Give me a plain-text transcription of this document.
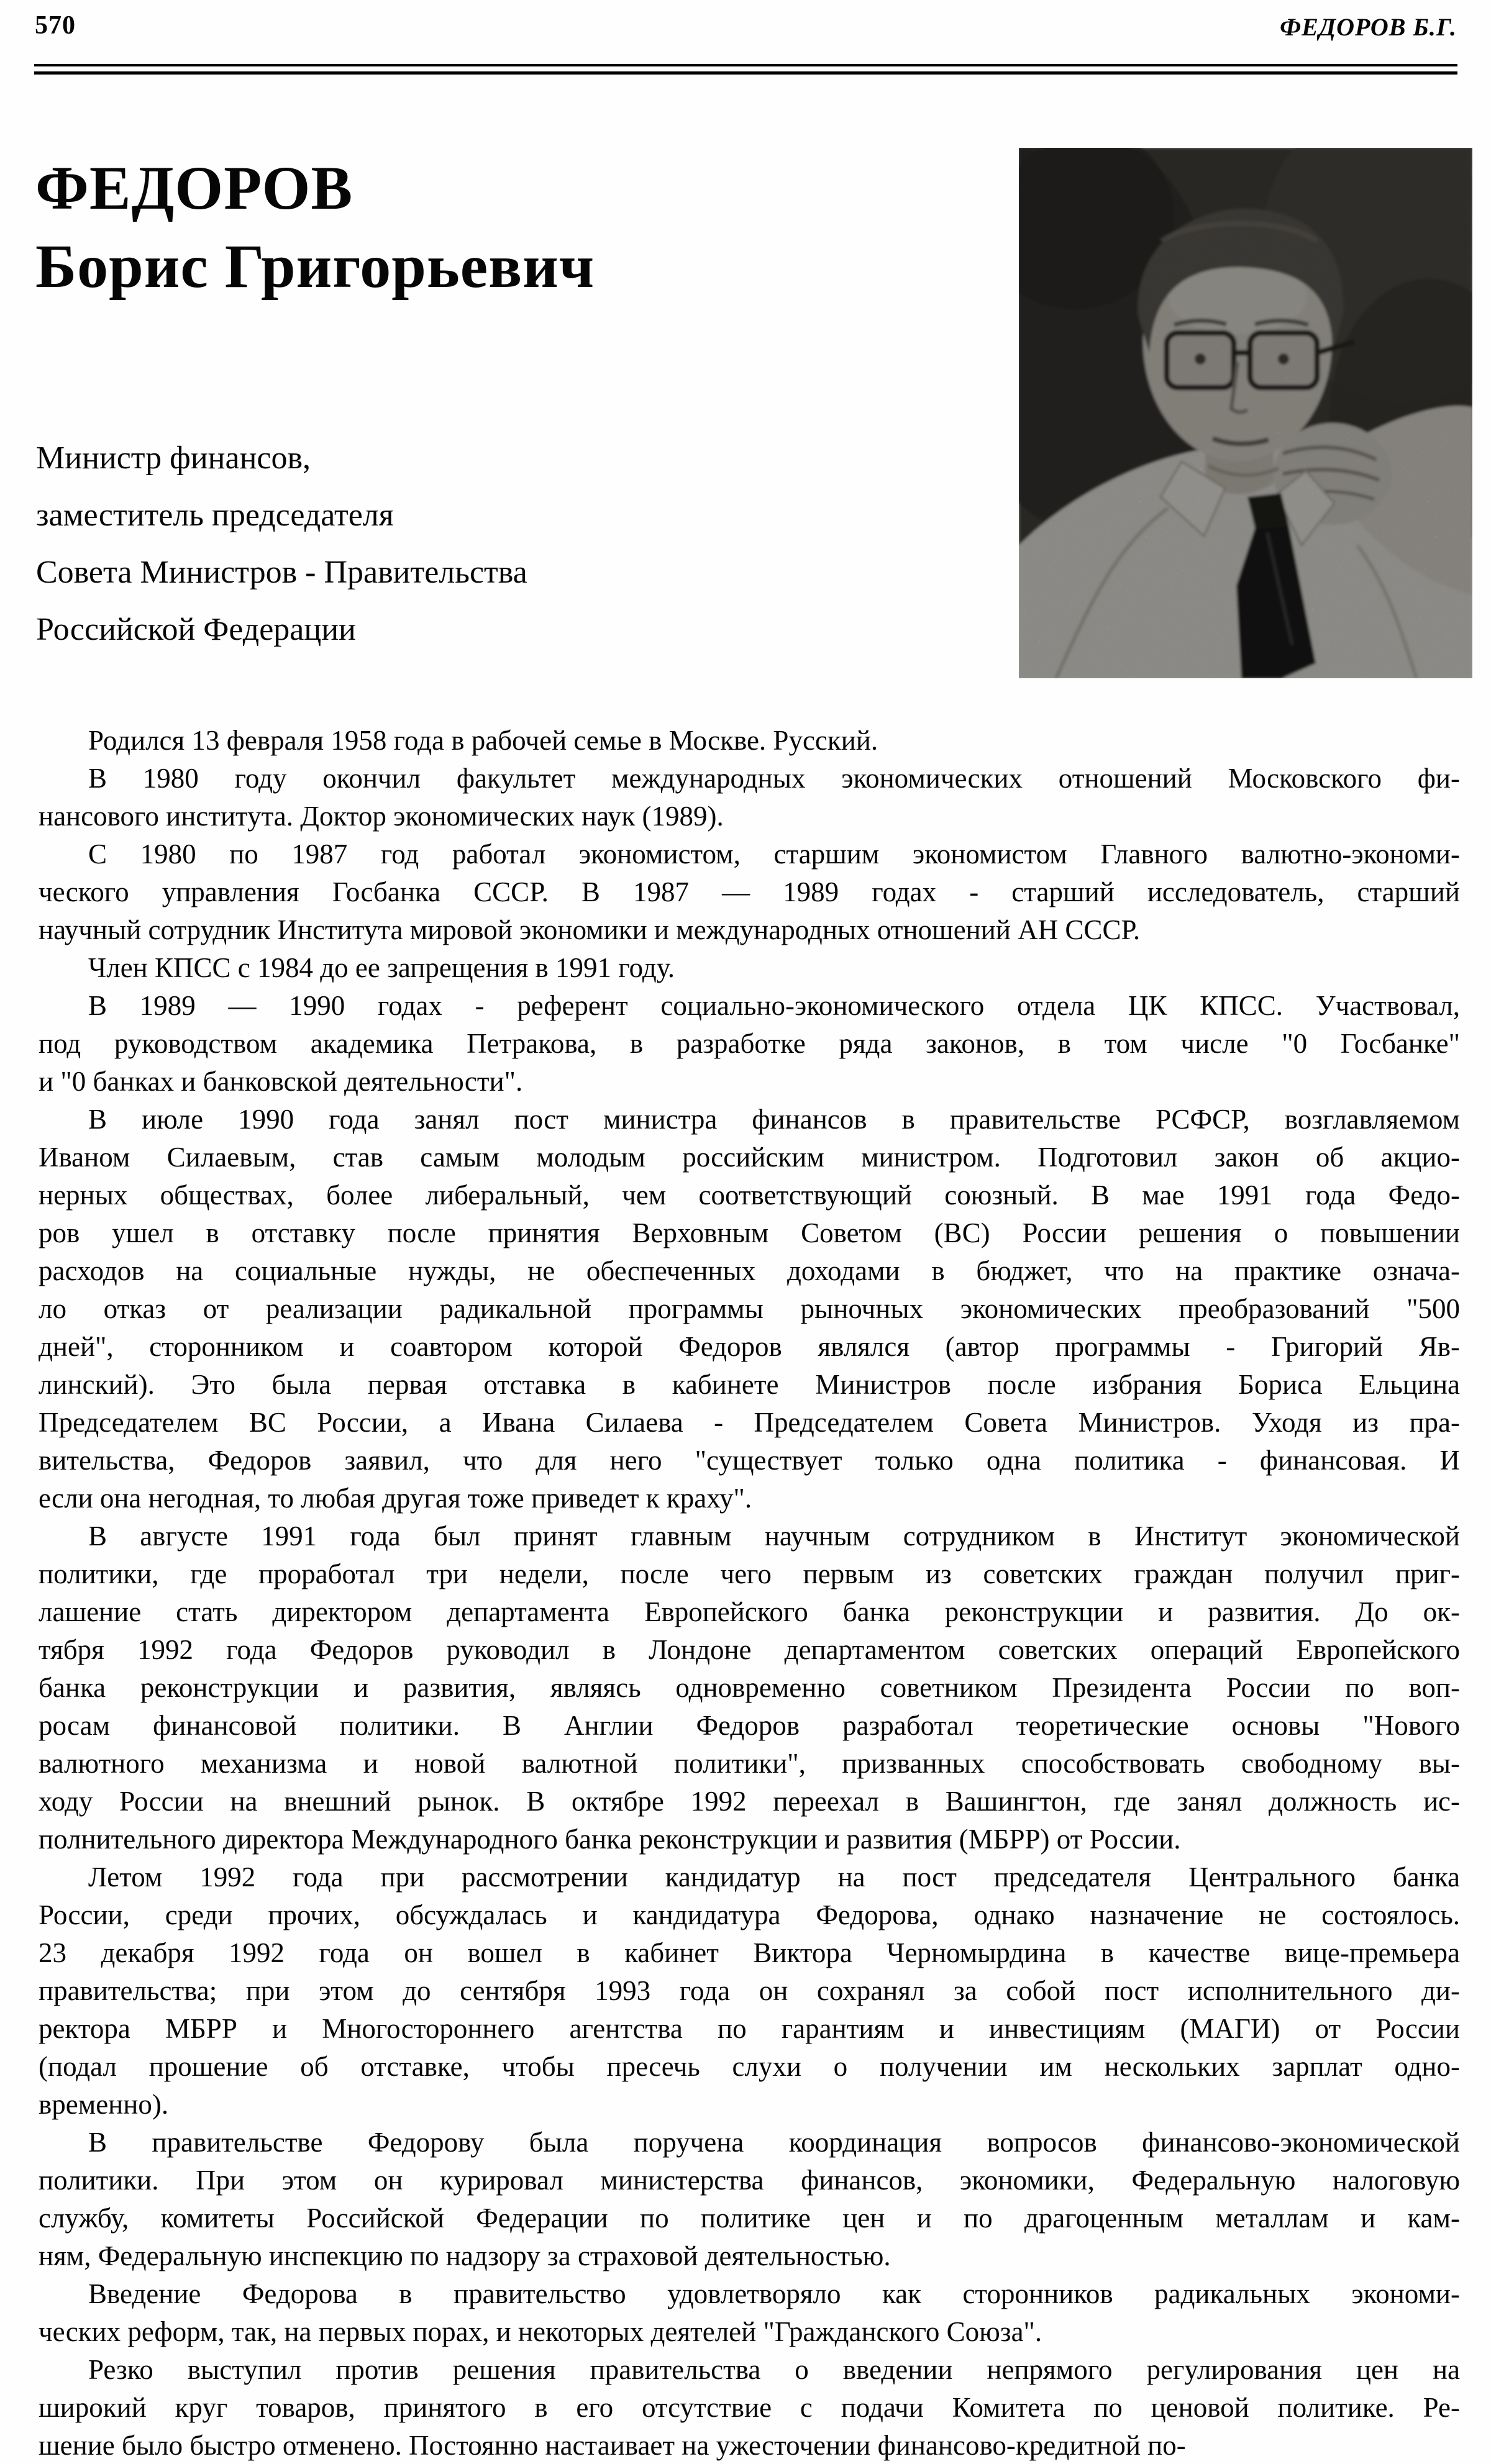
570	ФЕДОРОВ Б.Г.
ФЕДОРОВ
Борис Григорьевич
Министр финансов,
заместитель председателя
Совета Министров - Правительства
Российской Федерации
Родился 13 февраля 1958 года в рабочей семье в Москве. Русский.
В 1980 году окончил факультет международных экономических отношений Московского фи-
нансового института. Доктор экономических наук (1989).
С 1980 по 1987 год работал экономистом, старшим экономистом Главного валютно-экономи-
ческого управления Госбанка СССР. В 1987 — 1989 годах - старший исследователь, старший
научный сотрудник Института мировой экономики и международных отношений АН СССР.
Член КПСС с 1984 до ее запрещения в 1991 году.
В 1989 — 1990 годах - референт социально-экономического отдела ЦК КПСС. Участвовал,
под руководством академика Петракова, в разработке ряда законов, в том числе "0 Госбанке"
и "0 банках и банковской деятельности".
В июле 1990 года занял пост министра финансов в правительстве РСФСР, возглавляемом
Иваном Силаевым, став самым молодым российским министром. Подготовил закон об акцио-
нерных обществах, более либеральный, чем соответствующий союзный. В мае 1991 года Федо-
ров ушел в отставку после принятия Верховным Советом (ВС) России решения о повышении
расходов на социальные нужды, не обеспеченных доходами в бюджет, что на практике означа-
ло отказ от реализации радикальной программы рыночных экономических преобразований "500
дней", сторонником и соавтором которой Федоров являлся (автор программы - Григорий Яв-
линский). Это была первая отставка в кабинете Министров после избрания Бориса Ельцина
Председателем ВС России, а Ивана Силаева - Председателем Совета Министров. Уходя из пра-
вительства, Федоров заявил, что для него "существует только одна политика - финансовая. И
если она негодная, то любая другая тоже приведет к краху".
В августе 1991 года был принят главным научным сотрудником в Институт экономической
политики, где проработал три недели, после чего первым из советских граждан получил приг-
лашение стать директором департамента Европейского банка реконструкции и развития. До ок-
тября 1992 года Федоров руководил в Лондоне департаментом советских операций Европейского
банка реконструкции и развития, являясь одновременно советником Президента России по воп-
росам финансовой политики. В Англии Федоров разработал теоретические основы "Нового
валютного механизма и новой валютной политики", призванных способствовать свободному вы-
ходу России на внешний рынок. В октябре 1992 переехал в Вашингтон, где занял должность ис-
полнительного директора Международного банка реконструкции и развития (МБРР) от России.
Летом 1992 года при рассмотрении кандидатур на пост председателя Центрального банка
России, среди прочих, обсуждалась и кандидатура Федорова, однако назначение не состоялось.
23 декабря 1992 года он вошел в кабинет Виктора Черномырдина в качестве вице-премьера
правительства; при этом до сентября 1993 года он сохранял за собой пост исполнительного ди-
ректора МБРР и Многостороннего агентства по гарантиям и инвестициям (МАГИ) от России
(подал прошение об отставке, чтобы пресечь слухи о получении им нескольких зарплат одно-
временно).
В правительстве Федорову была поручена координация вопросов финансово-экономической
политики. При этом он курировал министерства финансов, экономики, Федеральную налоговую
службу, комитеты Российской Федерации по политике цен и по драгоценным металлам и кам-
ням, Федеральную инспекцию по надзору за страховой деятельностью.
Введение Федорова в правительство удовлетворяло как сторонников радикальных экономи-
ческих реформ, так, на первых порах, и некоторых деятелей "Гражданского Союза".
Резко выступил против решения правительства о введении непрямого регулирования цен на
широкий круг товаров, принятого в его отсутствие с подачи Комитета по ценовой политике. Ре-
шение было быстро отменено. Постоянно настаивает на ужесточении финансово-кредитной по-
